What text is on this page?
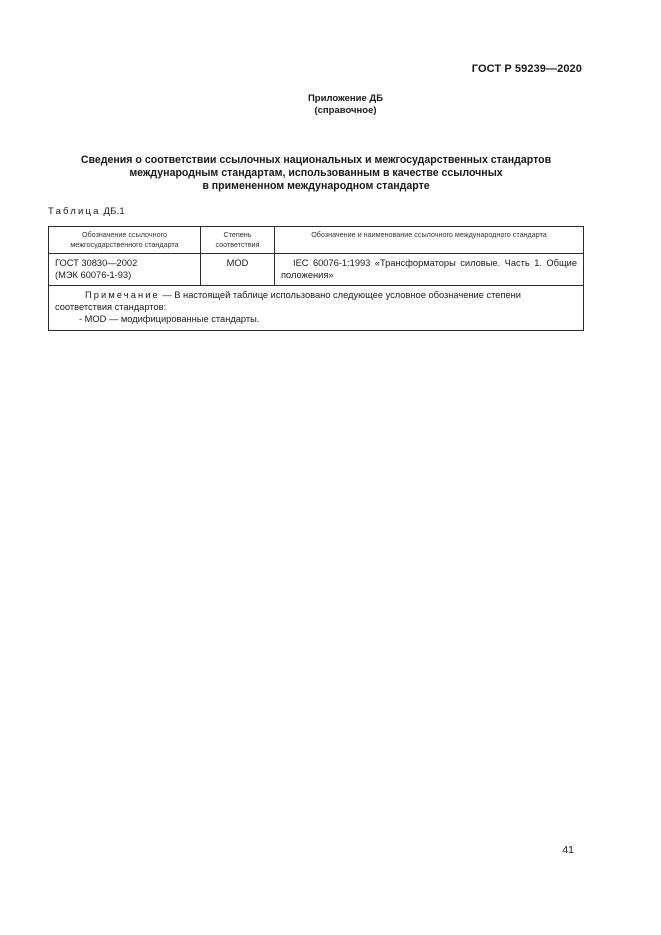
ГОСТ Р 59239—2020
Приложение ДБ
(справочное)
Сведения о соответствии ссылочных национальных и межгосударственных стандартов
международным стандартам, использованным в качестве ссылочных
в примененном международном стандарте
Таблица ДБ.1
Обозначение ссылочного межгосударственного стандарта	Степень соответствия	Обозначение и наименование ссылочного международного стандарта

ГОСТ 30830—2002
(МЭК 60076-1-93)	MOD	IEC 60076-1:1993 «Трансформаторы силовые. Часть 1. Общие положения»

Примечание — В настоящей таблице использовано следующее условное обозначение степени соответствия стандартов:
- MOD — модифицированные стандарты.		
41
